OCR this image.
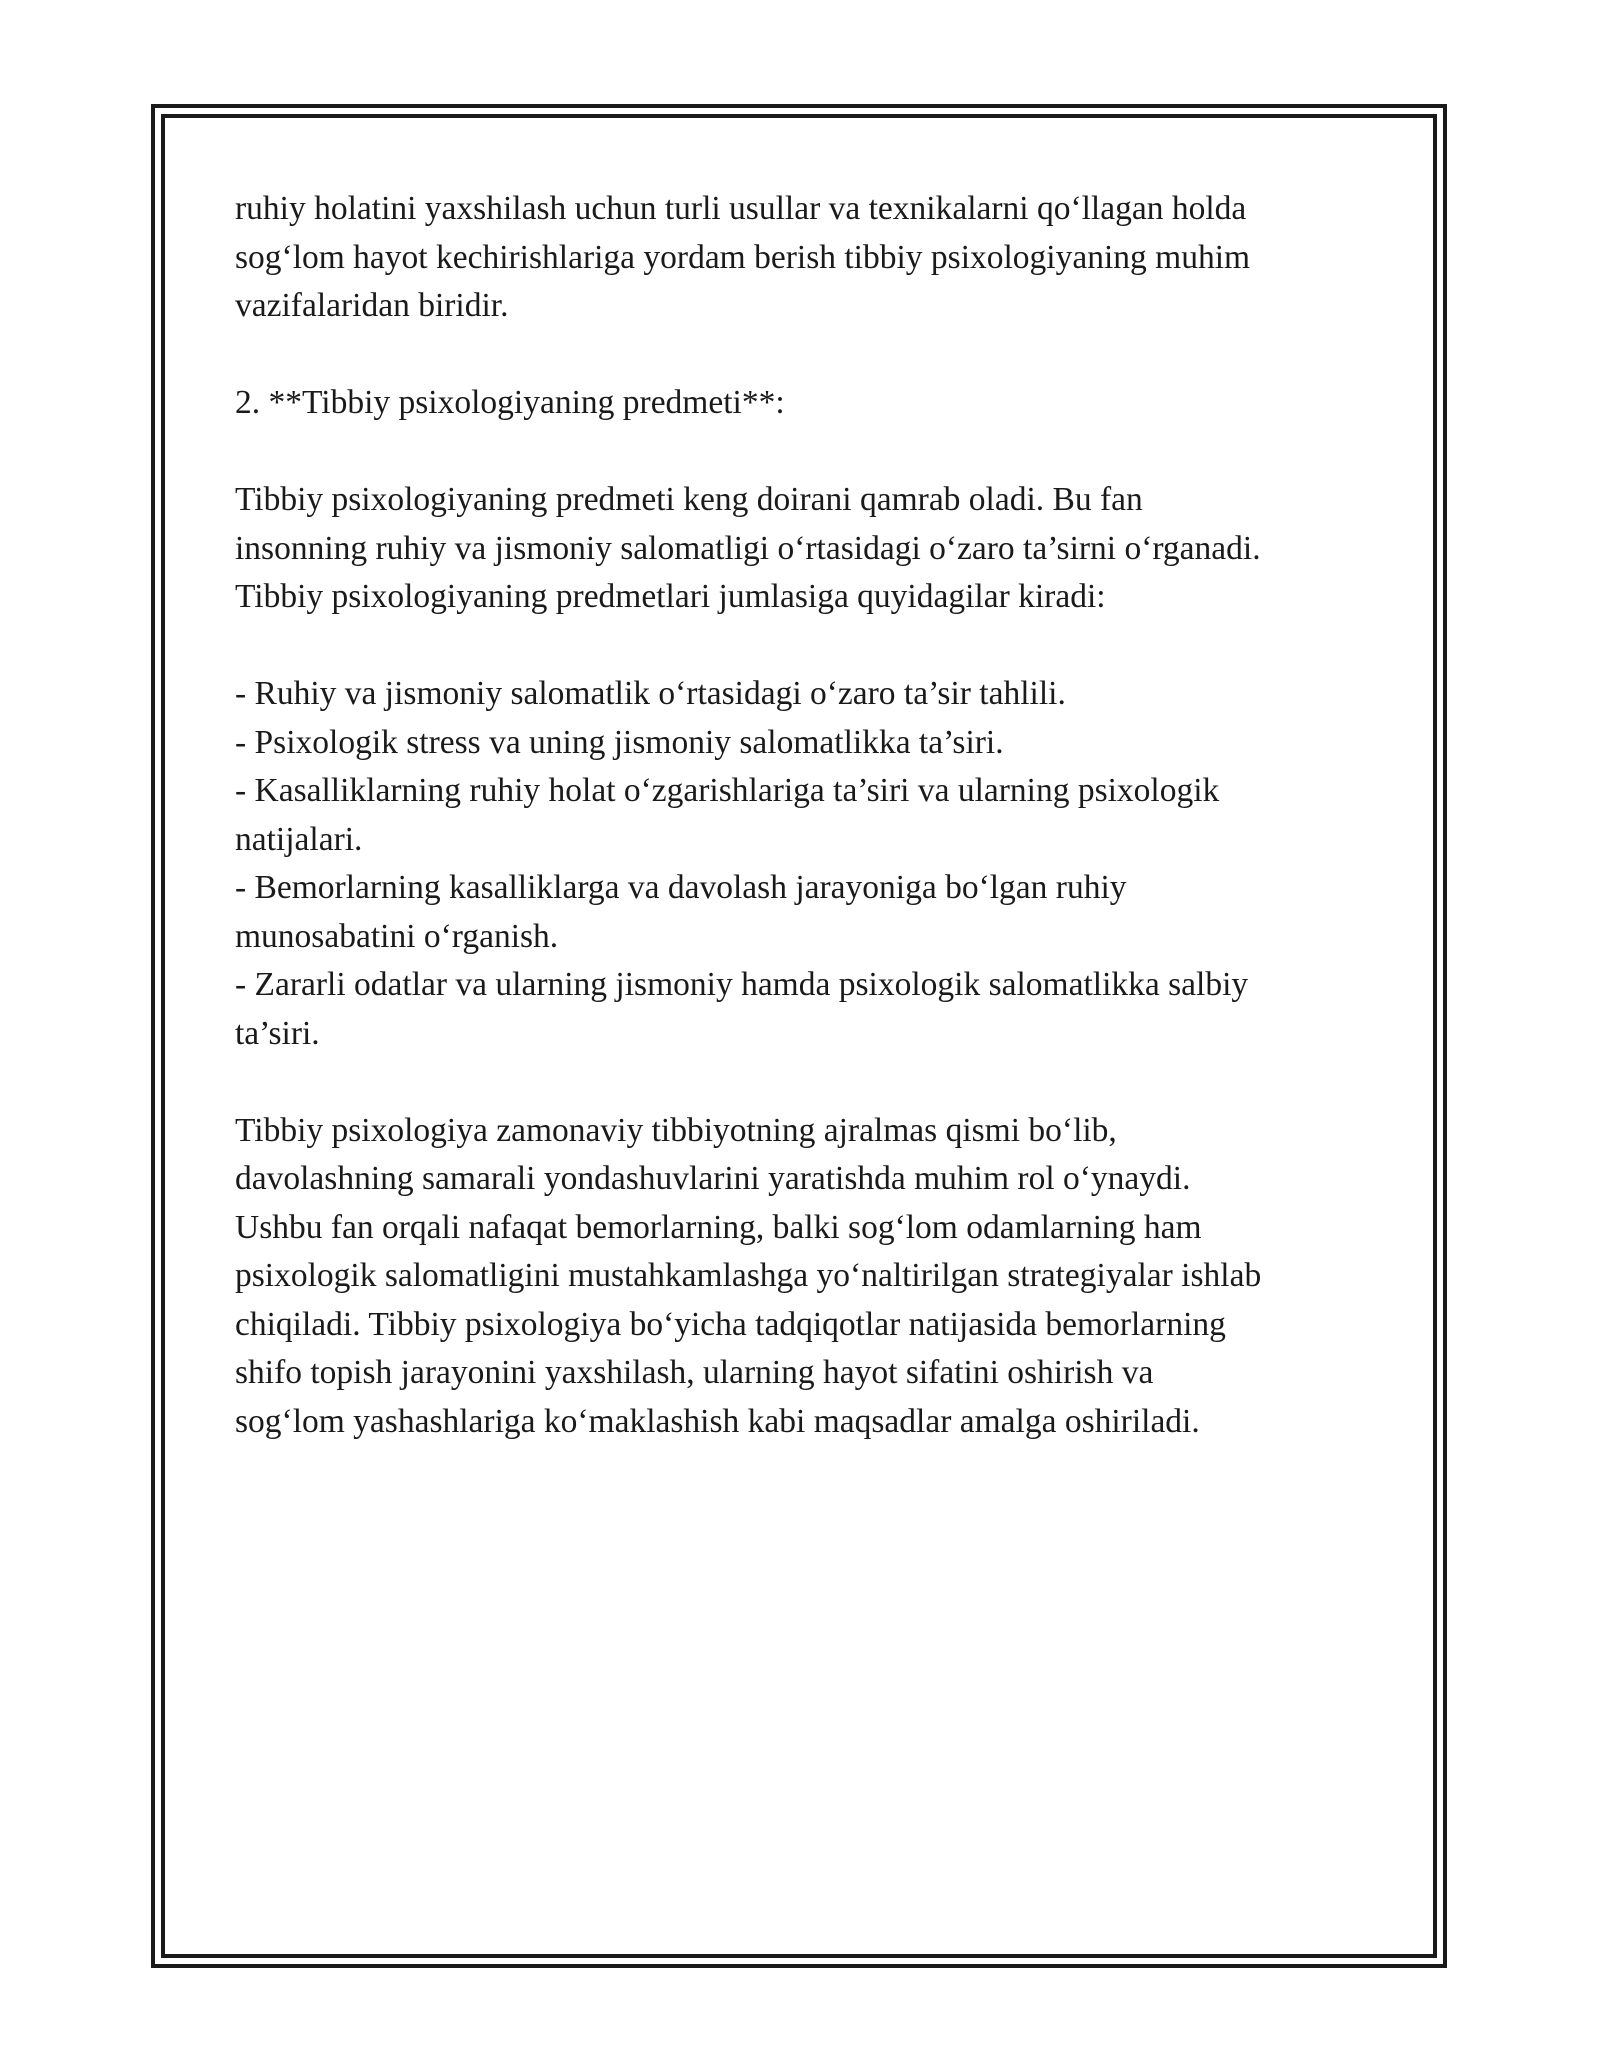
ruhiy holatini yaxshilash uchun turli usullar va texnikalarni qo‘llagan holda

sog‘lom hayot kechirishlariga yordam berish tibbiy psixologiyaning muhim

vazifalaridan biridir.

2. **Tibbiy psixologiyaning predmeti**:

Tibbiy psixologiyaning predmeti keng doirani qamrab oladi. Bu fan

insonning ruhiy va jismoniy salomatligi o‘rtasidagi o‘zaro ta’sirni o‘rganadi.

Tibbiy psixologiyaning predmetlari jumlasiga quyidagilar kiradi:

- Ruhiy va jismoniy salomatlik o‘rtasidagi o‘zaro ta’sir tahlili.

- Psixologik stress va uning jismoniy salomatlikka ta’siri.

- Kasalliklarning ruhiy holat o‘zgarishlariga ta’siri va ularning psixologik

natijalari.

- Bemorlarning kasalliklarga va davolash jarayoniga bo‘lgan ruhiy

munosabatini o‘rganish.

- Zararli odatlar va ularning jismoniy hamda psixologik salomatlikka salbiy

ta’siri.

Tibbiy psixologiya zamonaviy tibbiyotning ajralmas qismi bo‘lib,

davolashning samarali yondashuvlarini yaratishda muhim rol o‘ynaydi.

Ushbu fan orqali nafaqat bemorlarning, balki sog‘lom odamlarning ham

psixologik salomatligini mustahkamlashga yo‘naltirilgan strategiyalar ishlab

chiqiladi. Tibbiy psixologiya bo‘yicha tadqiqotlar natijasida bemorlarning

shifo topish jarayonini yaxshilash, ularning hayot sifatini oshirish va

sog‘lom yashashlariga ko‘maklashish kabi maqsadlar amalga oshiriladi.
